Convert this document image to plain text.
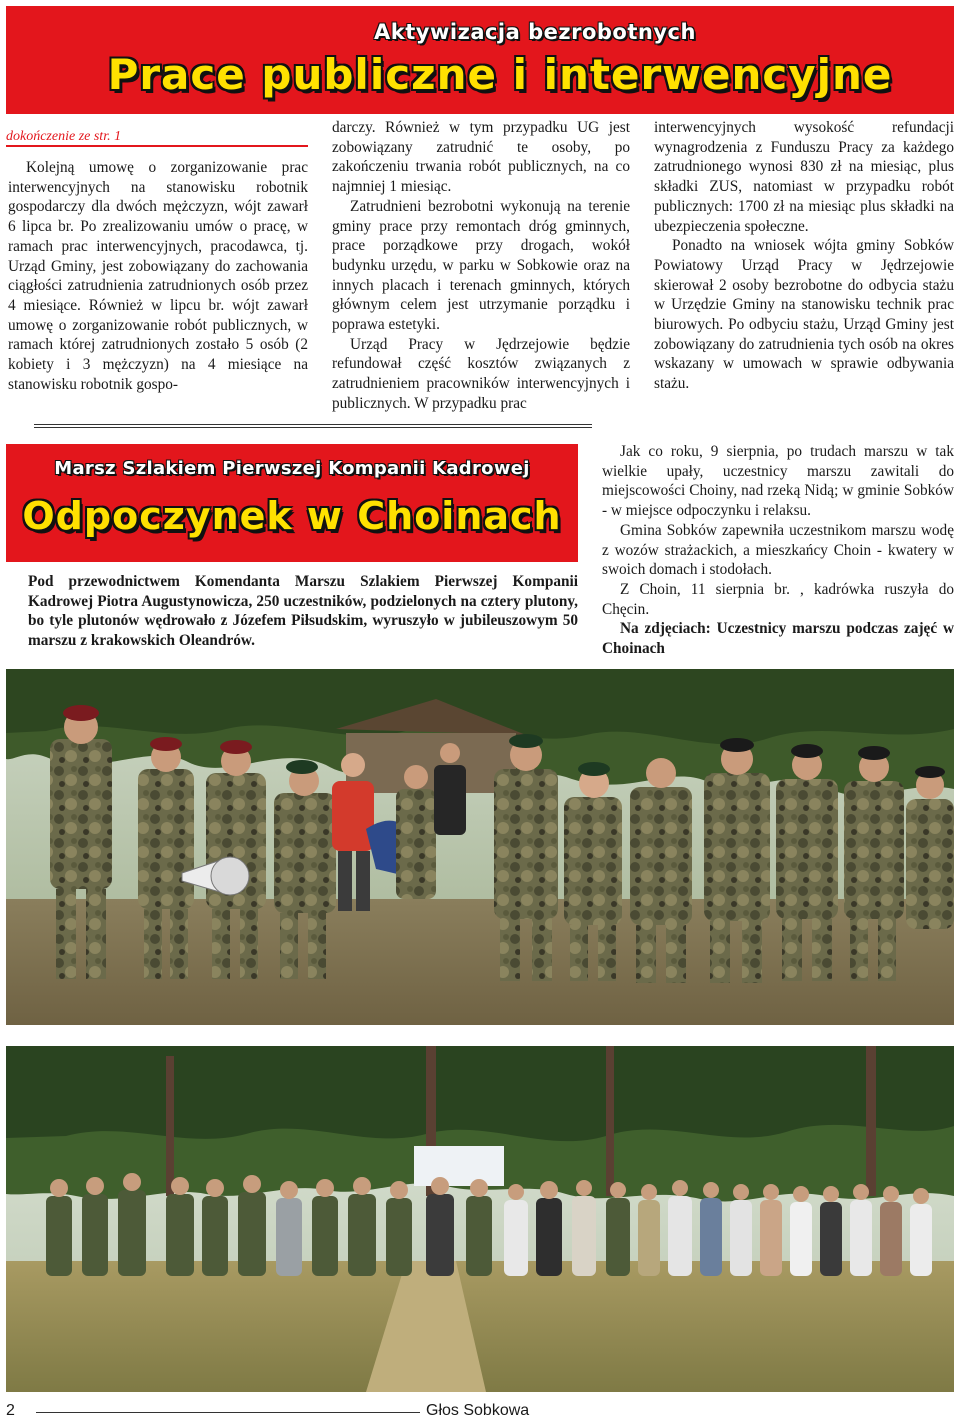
Aktywizacja bezrobotnych
Prace publiczne i interwencyjne
dokończenie ze str. 1

Kolejną umowę o zorganizowanie prac interwencyjnych na stanowisku robotnik gospodarczy dla dwóch mężczyzn, wójt zawarł 6 lipca br. Po zrealizowaniu umów o pracę, w ramach prac interwencyjnych, pracodawca, tj. Urząd Gminy, jest zobowiązany do zachowania ciągłości zatrudnienia zatrudnionych osób przez 4 miesiące. Również w lipcu br. wójt zawarł umowę o zorganizowanie robót publicznych, w ramach której zatrudnionych zostało 5 osób (2 kobiety i 3 mężczyzn) na 4 miesiące na stanowisku robotnik gospo-

darczy. Również w tym przypadku UG jest zobowiązany zatrudnić te osoby, po zakończeniu trwania robót publicznych, na co najmniej 1 miesiąc.

Zatrudnieni bezrobotni wykonują na terenie gminy prace przy remontach dróg gminnych, prace porządkowe przy drogach, wokół budynku urzędu, w parku w Sobkowie oraz na innych placach i terenach gminnych, których głównym celem jest utrzymanie porządku i poprawa estetyki.

Urząd Pracy w Jędrzejowie będzie refundował część kosztów związanych z zatrudnieniem pracowników interwencyjnych i publicznych. W przypadku prac

interwencyjnych wysokość refundacji wynagrodzenia z Funduszu Pracy za każdego zatrudnionego wynosi 830 zł na miesiąc, plus składki ZUS, natomiast w przypadku robót publicznych: 1700 zł na miesiąc plus składki na ubezpieczenia społeczne.

Ponadto na wniosek wójta gminy Sobków Powiatowy Urząd Pracy w Jędrzejowie skierował 2 osoby bezrobotne do odbycia stażu w Urzędzie Gminy na stanowisku technik prac biurowych. Po odbyciu stażu, Urząd Gminy jest zobowiązany do zatrudnienia tych osób na okres wskazany w umowach w sprawie odbywania stażu.

Marsz Szlakiem Pierwszej Kompanii Kadrowej
Odpoczynek w Choinach
Pod przewodnictwem Komendanta Marszu Szlakiem Pierwszej Kompanii Kadrowej Piotra Augustynowicza, 250 uczestników, podzielonych na cztery plutony, bo tyle plutonów wędrowało z Józefem Piłsudskim, wyruszyło w jubileuszowym 50 marszu z krakowskich Oleandrów.

Jak co roku, 9 sierpnia, po trudach marszu w tak wielkie upały, uczestnicy marszu zawitali do miejscowości Choiny, nad rzeką Nidą; w gminie Sobków - w miejsce odpoczynku i relaksu.

Gmina Sobków zapewniła uczestnikom marszu wodę z wozów strażackich, a mieszkańcy Choin - kwatery w swoich domach i stodołach.

Z Choin, 11 sierpnia br. , kadrówka ruszyła do Chęcin.

Na zdjęciach: Uczestnicy marszu podczas zajęć w Choinach

2	Głos Sobkowa
